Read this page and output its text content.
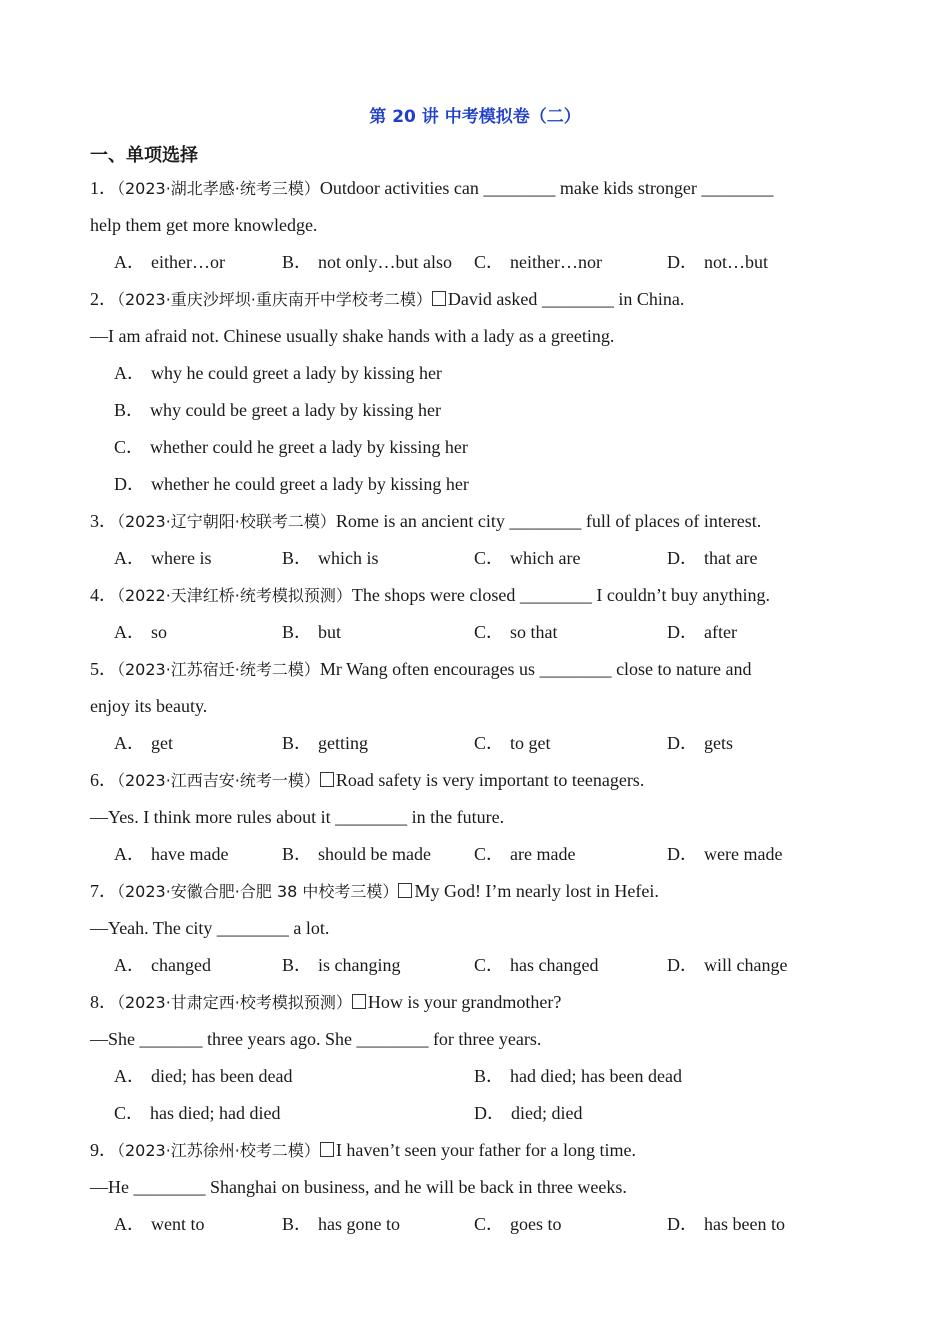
第 20 讲 中考模拟卷（二）
一、单项选择
1．（2023·湖北孝感·统考三模）Outdoor activities can ________ make kids stronger ________
help them get more knowledge.
A． either…or	B． not only…but also C． neither…nor	D． not…but
2．（2023·重庆沙坪坝·重庆南开中学校考二模） David asked ________ in China.
—I am afraid not. Chinese usually shake hands with a lady as a greeting.
A． why he could greet a lady by kissing her
B． why could be greet a lady by kissing her
C． whether could he greet a lady by kissing her
D． whether he could greet a lady by kissing her
3．（2023·辽宁朝阳·校联考二模）Rome is an ancient city ________ full of places of interest.
A． where is	B． which is	C． which are	D． that are
4．（2022·天津红桥·统考模拟预测）The shops were closed ________ I couldn’t buy anything.
A． so	B． but	C． so that	D． after
5．（2023·江苏宿迁·统考二模）Mr Wang often encourages us ________ close to nature and
enjoy its beauty.
A． get	B． getting	C． to get	D． gets
6．（2023·江西吉安·统考一模） Road safety is very important to teenagers.
—Yes. I think more rules about it ________ in the future.
A． have made	B． should be made C． are made	D． were made
7．（2023·安徽合肥·合肥 38 中校考三模） My God! I’m nearly lost in Hefei.
—Yeah. The city ________ a lot.
A． changed	B． is changing	C． has changed	D． will change
8．（2023·甘肃定西·校考模拟预测） How is your grandmother?
—She _______ three years ago. She ________ for three years.
A． died; has been dead	B． had died; has been dead
C． has died; had died	D． died; died
9．（2023·江苏徐州·校考二模） I haven’t seen your father for a long time.
—He ________ Shanghai on business, and he will be back in three weeks.
A． went to	B． has gone to	C． goes to	D． has been to
